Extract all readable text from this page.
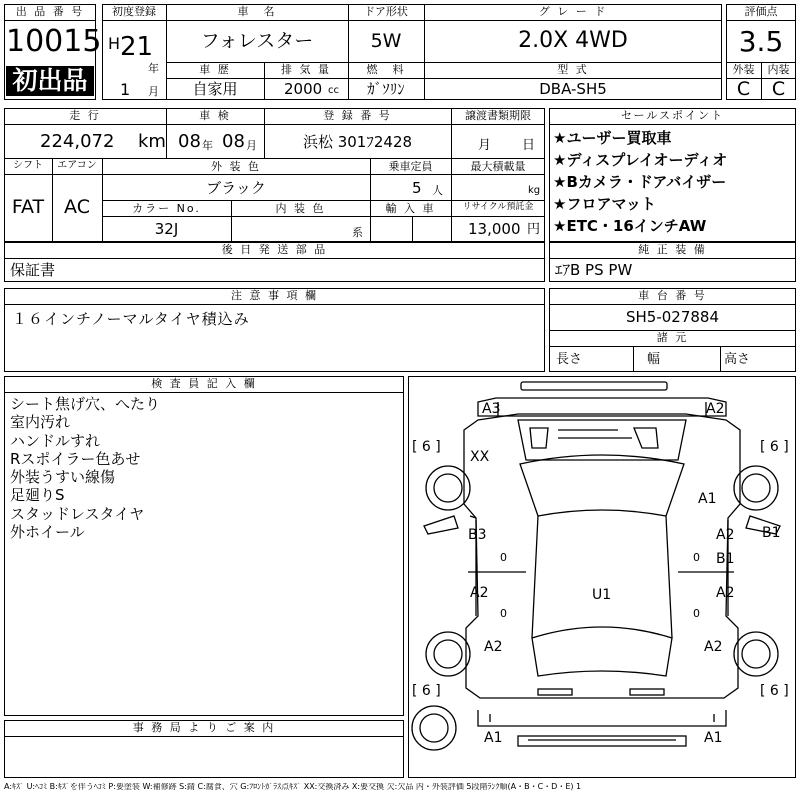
出 品 番 号
10015
初出品
初度登録
H 21
年
1 月
車　名
フォレスター
ドア形状
5W
グ レ ー ド
2.0X 4WD
車 歴
自家用
排 気 量
2000 cc
燃　料
ｶﾞｿﾘﾝ
型 式
DBA-SH5
評価点
3.5
外装	内装
C	C
走 行
224,072 km
車 検
08 年 08 月
登 録 番 号
浜松 301ﾌ2428
譲渡書類期限
月 日
シフト
FAT
エアコン
AC
外 装 色
ブラック
乗車定員
5 人
最大積載量
kg
カラー No.
32J
内 装 色
系
輸 入 車	リサイクル預託金
13,000 円
セールスポイント
★ユーザー買取車
★ディスプレイオーディオ
★Bカメラ・ドアバイザー
★フロアマット
★ETC・16インチAW
後 日 発 送 部 品
保証書
純 正 装 備
ｴｱB PS PW
注 意 事 項 欄
１６インチノーマルタイヤ積込み
車 台 番 号
SH5-027884
諸 元
長さ	幅	高さ
検 査 員 記 入 欄
シート焦げ穴、へたり
室内汚れ
ハンドルすれ
Rスポイラー色あせ
外装うすい線傷
足廻りS
スタッドレスタイヤ
外ホイール
事 務 局 よ り ご 案 内
A3	A2
[ 6 ]	[ 6 ]
XX
A1
B3	A2 B1
B1
0	0
A2	U1	A2
0	0
A2	A2
[ 6 ]	[ 6 ]
A1	A1
A:ｷｽﾞ U:ﾍｺﾐ B:ｷｽﾞを伴うﾍｺﾐ P:要塗装 W:補修跡 S:錆 C:腐食、穴 G:ﾌﾛﾝﾄｶﾞﾗｽ点ｷｽﾞ XX:交換済み X:要交換 欠:欠品 内・外装評価 5段階ﾗﾝｸ順(A・B・C・D・E) 1
